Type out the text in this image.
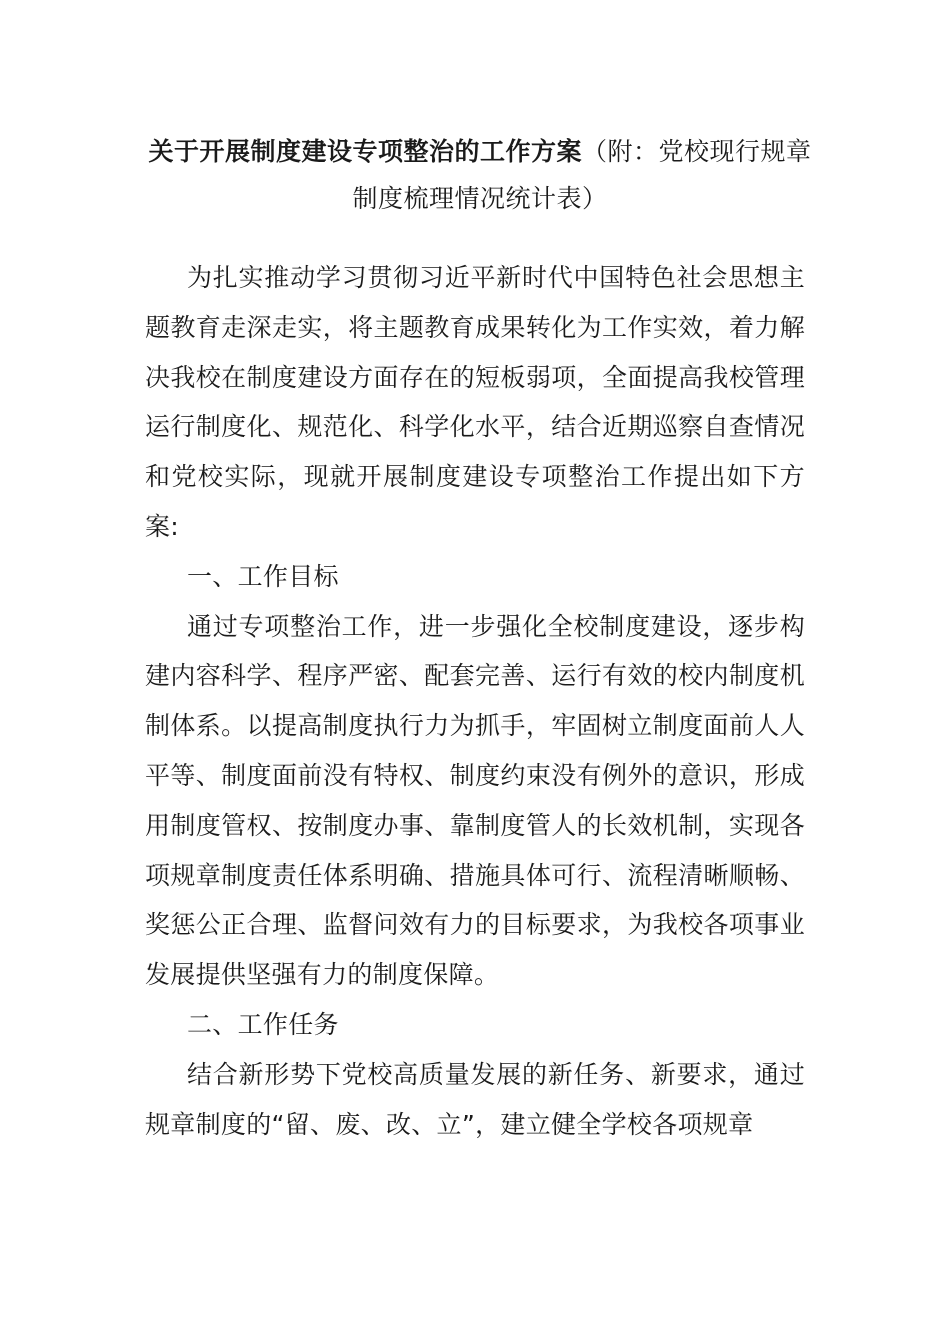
关于开展制度建设专项整治的工作方案（附：党校现行规章制度梳理情况统计表）

为扎实推动学习贯彻习近平新时代中国特色社会思想主题教育走深走实，将主题教育成果转化为工作实效，着力解决我校在制度建设方面存在的短板弱项，全面提高我校管理运行制度化、规范化、科学化水平，结合近期巡察自查情况和党校实际，现就开展制度建设专项整治工作提出如下方案:

一、工作目标

通过专项整治工作，进一步强化全校制度建设，逐步构建内容科学、程序严密、配套完善、运行有效的校内制度机制体系。以提高制度执行力为抓手，牢固树立制度面前人人平等、制度面前没有特权、制度约束没有例外的意识，形成用制度管权、按制度办事、靠制度管人的长效机制，实现各项规章制度责任体系明确、措施具体可行、流程清晰顺畅、奖惩公正合理、监督问效有力的目标要求，为我校各项事业发展提供坚强有力的制度保障。

二、工作任务

结合新形势下党校高质量发展的新任务、新要求，通过规章制度的“留、废、改、立”，建立健全学校各项规章
